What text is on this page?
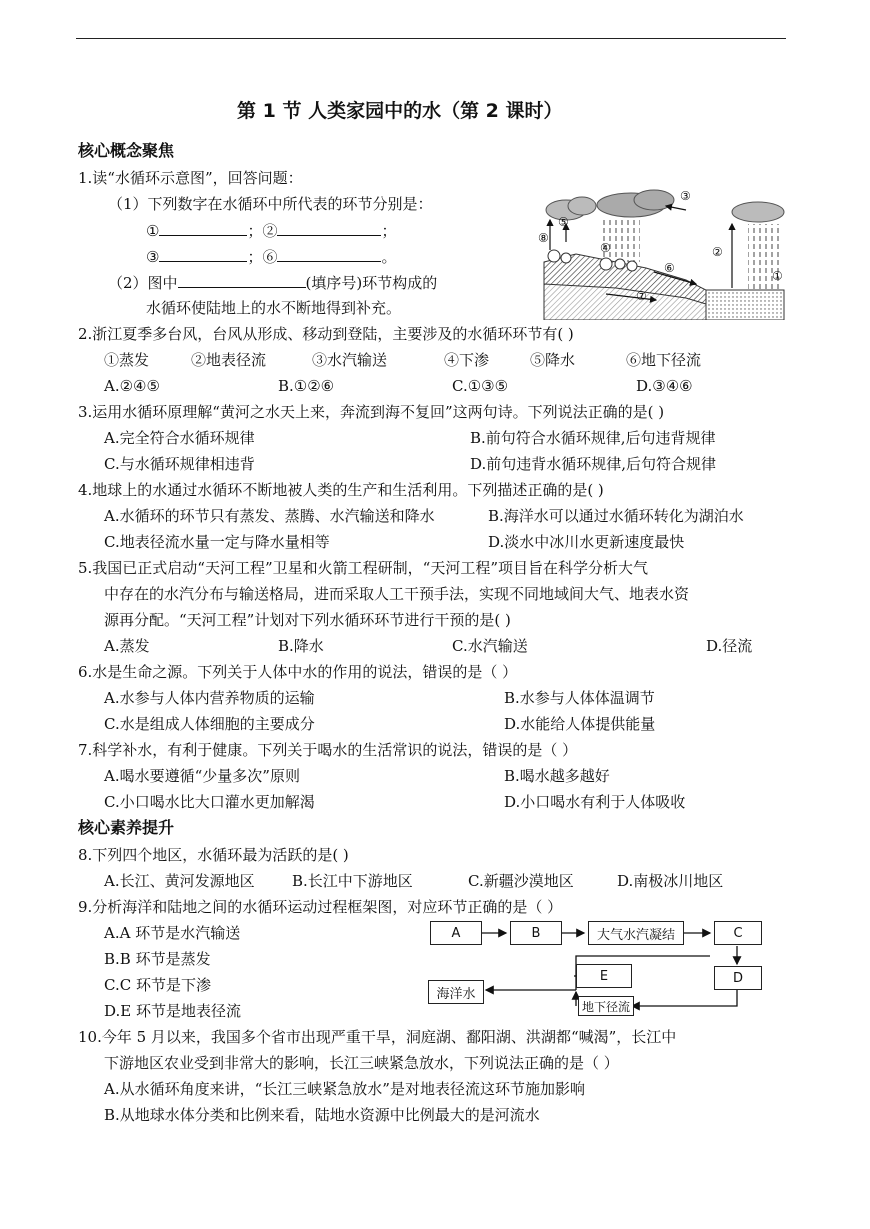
第 1 节 人类家园中的水（第 2 课时）
核心概念聚焦
1.读“水循环示意图”，回答问题：
（1）下列数字在水循环中所代表的环节分别是：
①	；②	；
③	；⑥	。
（2）图中	(填序号)环节构成的
水循环使陆地上的水不断地得到补充。
③
⑤
⑧
②
①
⑥
④
⑦
2.浙江夏季多台风，台风从形成、移动到登陆，主要涉及的水循环环节有( )
①蒸发	②地表径流	③水汽输送	④下渗	⑤降水	⑥地下径流
A.②④⑤	B.①②⑥	C.①③⑤	D.③④⑥
3.运用水循环原理解“黄河之水天上来，奔流到海不复回”这两句诗。下列说法正确的是( )
A.完全符合水循环规律	B.前句符合水循环规律,后句违背规律
C.与水循环规律相违背	D.前句违背水循环规律,后句符合规律
4.地球上的水通过水循环不断地被人类的生产和生活利用。下列描述正确的是( )
A.水循环的环节只有蒸发、蒸腾、水汽输送和降水	B.海洋水可以通过水循环转化为湖泊水
C.地表径流水量一定与降水量相等	D.淡水中冰川水更新速度最快
5.我国已正式启动“天河工程”卫星和火箭工程研制，“天河工程”项目旨在科学分析大气
中存在的水汽分布与输送格局，进而采取人工干预手法，实现不同地域间大气、地表水资
源再分配。“天河工程”计划对下列水循环环节进行干预的是( )
A.蒸发	B.降水	C.水汽输送	D.径流
6.水是生命之源。下列关于人体中水的作用的说法，错误的是（ ）
A.水参与人体内营养物质的运输	B.水参与人体体温调节
C.水是组成人体细胞的主要成分	D.水能给人体提供能量
7.科学补水，有利于健康。下列关于喝水的生活常识的说法，错误的是（ ）
A.喝水要遵循“少量多次”原则	B.喝水越多越好
C.小口喝水比大口灌水更加解渴	D.小口喝水有利于人体吸收
核心素养提升
8.下列四个地区，水循环最为活跃的是( )
A.长江、黄河发源地区 B.长江中下游地区	C.新疆沙漠地区	D.南极冰川地区
9.分析海洋和陆地之间的水循环运动过程框架图，对应环节正确的是（ ）
A.A 环节是水汽输送
B.B 环节是蒸发
C.C 环节是下渗
D.E 环节是地表径流
A	B	大气水汽凝结	C
E	D
海洋水
地下径流
10.今年 5 月以来，我国多个省市出现严重干旱，洞庭湖、鄱阳湖、洪湖都“喊渴”，长江中
下游地区农业受到非常大的影响，长江三峡紧急放水，下列说法正确的是（ ）
A.从水循环角度来讲，“长江三峡紧急放水”是对地表径流这环节施加影响
B.从地球水体分类和比例来看，陆地水资源中比例最大的是河流水
